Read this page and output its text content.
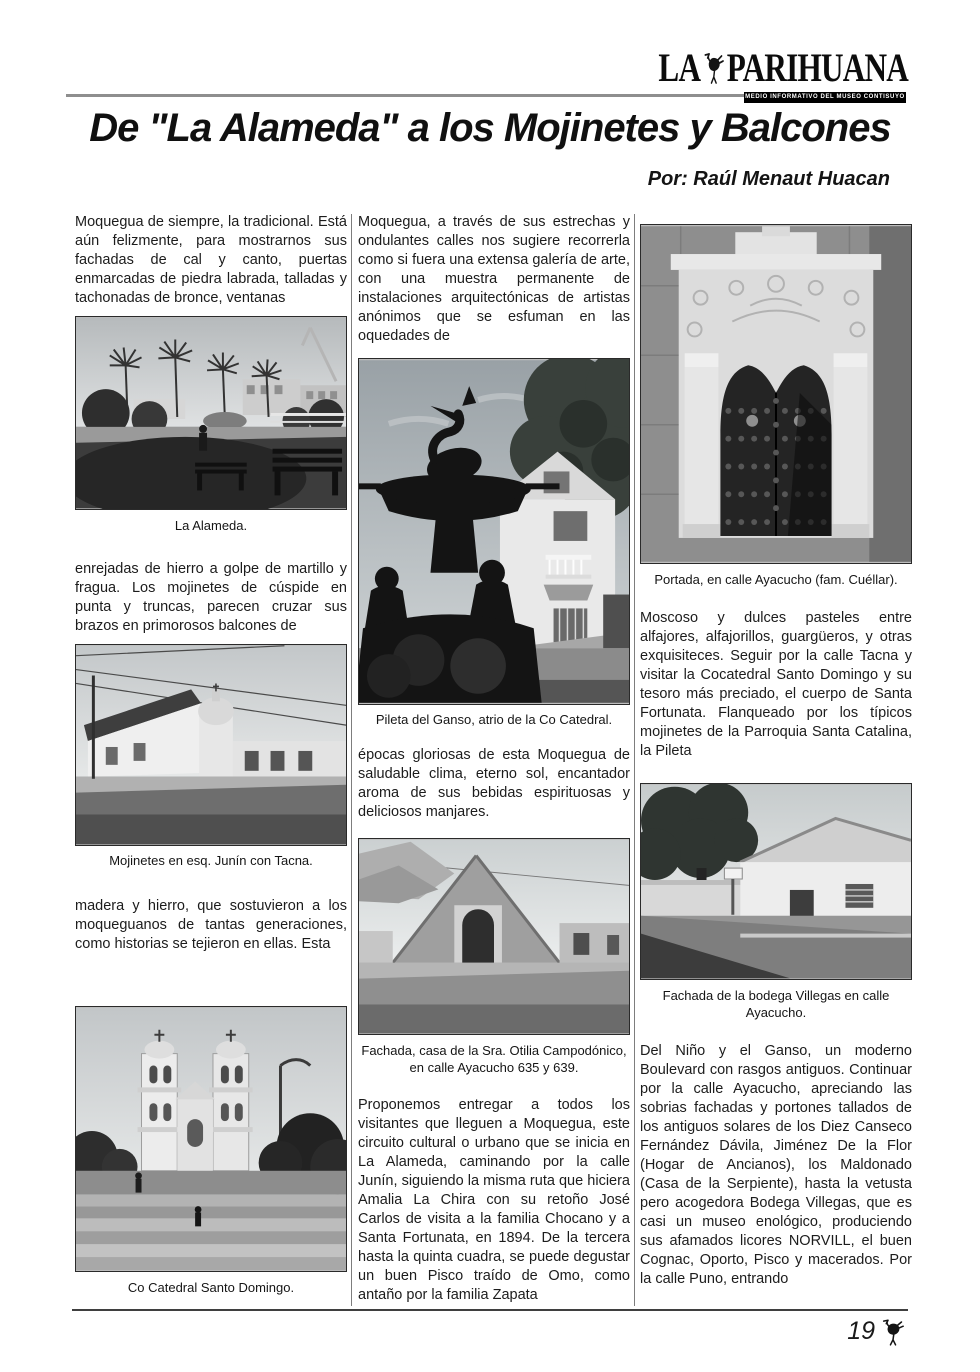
LA PARIHUANA
MEDIO INFORMATIVO DEL MUSEO CONTISUYO
De "La Alameda" a los Mojinetes y Balcones
Por: Raúl Menaut Huacan

Moquegua de siempre, la tradicional. Está aún felizmente, para mostrarnos sus fachadas de cal y canto, puertas enmarcadas de piedra labrada, talladas y tachonadas de bronce, ventanas

La Alameda.

enrejadas de hierro a golpe de martillo y fragua. Los mojinetes de cúspide en punta y truncas, parecen cruzar sus brazos en primorosos balcones de

Mojinetes en esq. Junín con Tacna.

madera y hierro, que sostuvieron a los moqueguanos de tantas generaciones, como historias se tejieron en ellas. Esta

Co Catedral Santo Domingo.

Moquegua, a través de sus estrechas y ondulantes calles nos sugiere recorrerla como si fuera una extensa galería de arte, con una muestra permanente de instalaciones arquitectónicas de artistas anónimos que se esfuman en las oquedades de

Pileta del Ganso, atrio de la Co Catedral.

épocas gloriosas de esta Moquegua de saludable clima, eterno sol, encantador aroma de sus bebidas espirituosas y deliciosos manjares.

Fachada, casa de la Sra. Otilia Campodónico, en calle Ayacucho 635 y 639.

Proponemos entregar a todos los visitantes que lleguen a Moquegua, este circuito cultural o urbano que se inicia en La Alameda, caminando por la calle Junín, siguiendo la misma ruta que hiciera Amalia La Chira con su retoño José Carlos de visita a la familia Chocano y a Santa Fortunata, en 1894. De la tercera hasta la quinta cuadra, se puede degustar un buen Pisco traído de Omo, como antaño por la familia Zapata

Portada, en calle Ayacucho (fam. Cuéllar).

Moscoso y dulces pasteles entre alfajores, alfajorillos, guargüeros, y otras exquisiteces. Seguir por la calle Tacna y visitar la Cocatedral Santo Domingo y su tesoro más preciado, el cuerpo de Santa Fortunata. Flanqueado por los típicos mojinetes de la Parroquia Santa Catalina, la Pileta

Fachada de la bodega Villegas en calle Ayacucho.

Del Niño y el Ganso, un moderno Boulevard con rasgos antiguos. Continuar por la calle Ayacucho, apreciando las sobrias fachadas y portones tallados de los antiguos solares de los Diez Canseco Fernández Dávila, Jiménez De la Flor (Hogar de Ancianos), los Maldonado (Casa de la Serpiente), hasta la vetusta pero acogedora Bodega Villegas, que es casi un museo enológico, produciendo sus afamados licores NORVILL, el buen Cognac, Oporto, Pisco y macerados. Por la calle Puno, entrando

19
